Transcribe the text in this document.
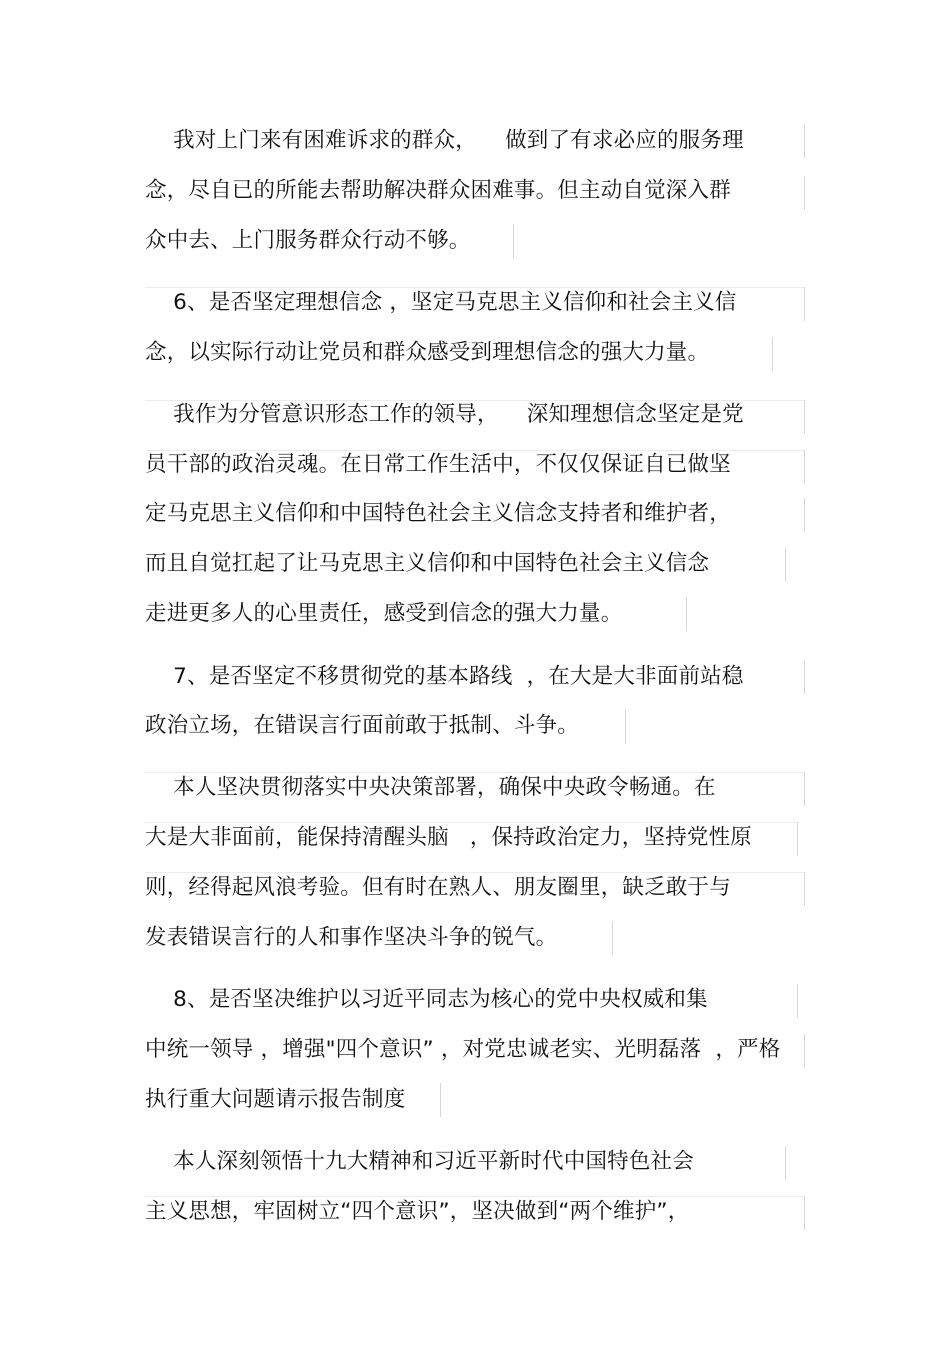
我对上门来有困难诉求的群众，    做到了有求必应的服务理
念，尽自已的所能去帮助解决群众困难事。但主动自觉深入群
众中去、上门服务群众行动不够。
6、是否坚定理想信念 ，坚定马克思主义信仰和社会主义信
念，以实际行动让党员和群众感受到理想信念的强大力量。
我作为分管意识形态工作的领导，    深知理想信念坚定是党
员干部的政治灵魂。在日常工作生活中，不仅仅保证自已做坚
定马克思主义信仰和中国特色社会主义信念支持者和维护者，
而且自觉扛起了让马克思主义信仰和中国特色社会主义信念
走进更多人的心里责任，感受到信念的强大力量。
7、是否坚定不移贯彻党的基本路线  ，在大是大非面前站稳
政治立场，在错误言行面前敢于抵制、斗争。
本人坚决贯彻落实中央决策部署，确保中央政令畅通。在
大是大非面前，能保持清醒头脑   ，保持政治定力，坚持党性原
则，经得起风浪考验。但有时在熟人、朋友圈里，缺乏敢于与
发表错误言行的人和事作坚决斗争的锐气。
8、是否坚决维护以习近平同志为核心的党中央权威和集
中统一领导 ，增强"四个意识” ，对党忠诚老实、光明磊落  ，严格
执行重大问题请示报告制度
本人深刻领悟十九大精神和习近平新时代中国特色社会
主义思想，牢固树立“四个意识”，坚决做到“两个维护”，
